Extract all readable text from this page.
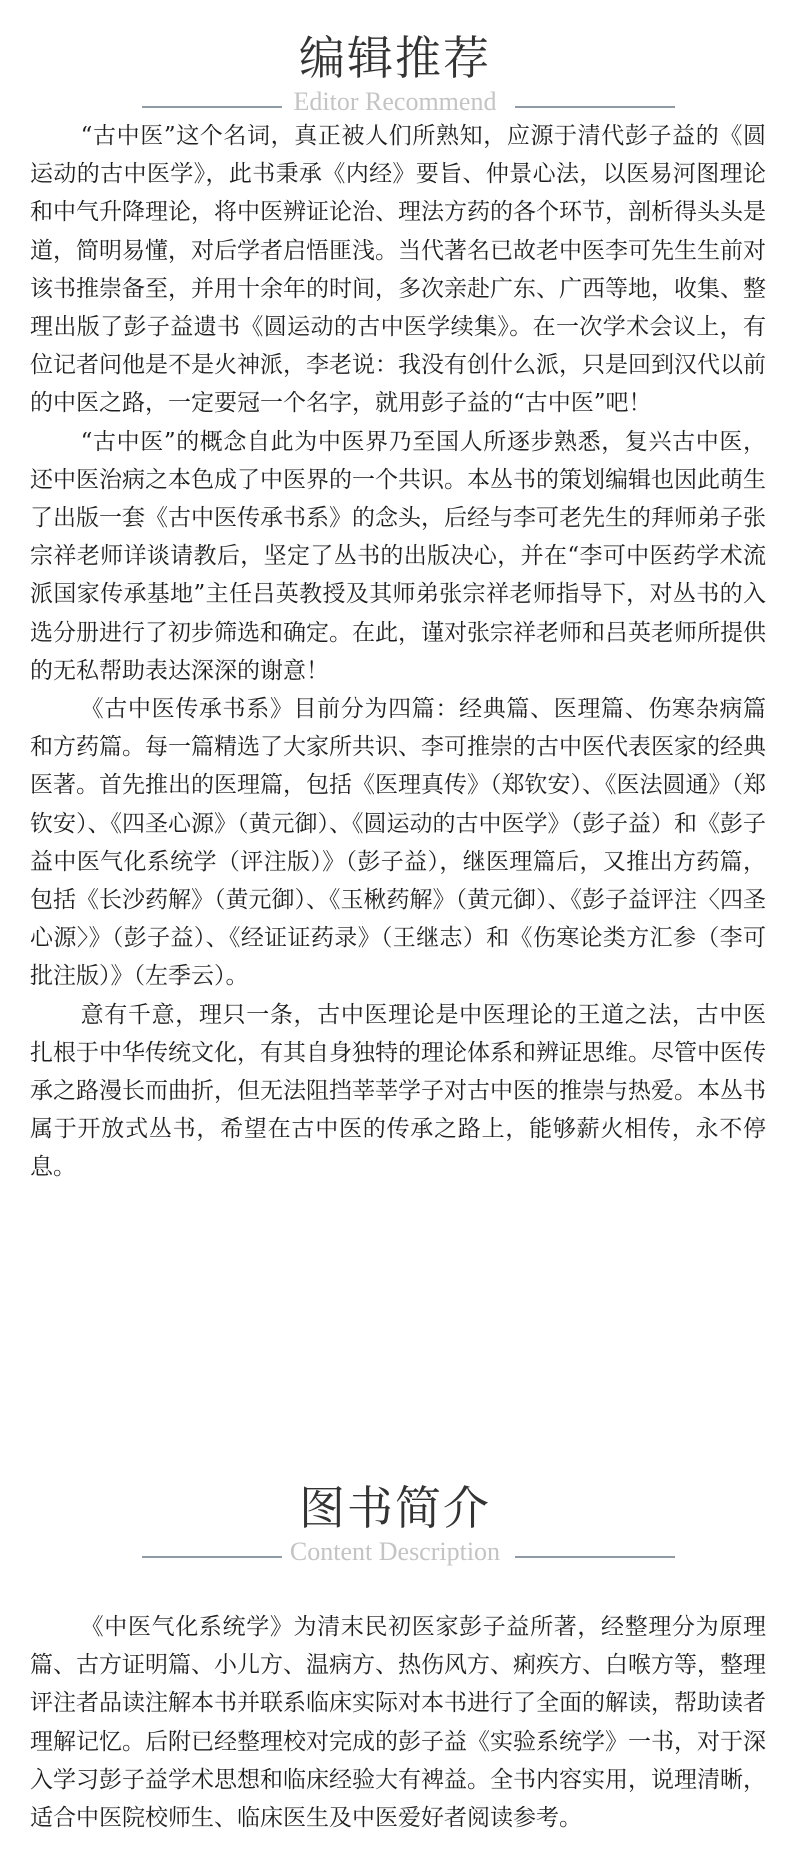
编辑推荐
Editor Recommend

“古中医”这个名词，真正被人们所熟知，应源于清代彭子益的《圆运动的古中医学》，此书秉承《内经》要旨、仲景心法，以医易河图理论和中气升降理论，将中医辨证论治、理法方药的各个环节，剖析得头头是道，简明易懂，对后学者启悟匪浅。当代著名已故老中医李可先生生前对该书推崇备至，并用十余年的时间，多次亲赴广东、广西等地，收集、整理出版了彭子益遗书《圆运动的古中医学续集》。在一次学术会议上，有位记者问他是不是火神派，李老说：我没有创什么派，只是回到汉代以前的中医之路，一定要冠一个名字，就用彭子益的“古中医”吧！

“古中医”的概念自此为中医界乃至国人所逐步熟悉，复兴古中医，还中医治病之本色成了中医界的一个共识。本丛书的策划编辑也因此萌生了出版一套《古中医传承书系》的念头，后经与李可老先生的拜师弟子张宗祥老师详谈请教后，坚定了丛书的出版决心，并在“李可中医药学术流派国家传承基地”主任吕英教授及其师弟张宗祥老师指导下，对丛书的入选分册进行了初步筛选和确定。在此，谨对张宗祥老师和吕英老师所提供的无私帮助表达深深的谢意！

《古中医传承书系》目前分为四篇：经典篇、医理篇、伤寒杂病篇和方药篇。每一篇精选了大家所共识、李可推崇的古中医代表医家的经典医著。首先推出的医理篇，包括《医理真传》（郑钦安）、《医法圆通》（郑钦安）、《四圣心源》（黄元御）、《圆运动的古中医学》（彭子益）和《彭子益中医气化系统学（评注版）》（彭子益），继医理篇后，又推出方药篇，包括《长沙药解》（黄元御）、《玉楸药解》（黄元御）、《彭子益评注〈四圣心源〉》（彭子益）、《经证证药录》（王继志）和《伤寒论类方汇参（李可批注版）》（左季云）。

意有千意，理只一条，古中医理论是中医理论的王道之法，古中医扎根于中华传统文化，有其自身独特的理论体系和辨证思维。尽管中医传承之路漫长而曲折，但无法阻挡莘莘学子对古中医的推崇与热爱。本丛书属于开放式丛书，希望在古中医的传承之路上，能够薪火相传，永不停息。

图书简介
Content Description

《中医气化系统学》为清末民初医家彭子益所著，经整理分为原理篇、古方证明篇、小儿方、温病方、热伤风方、痢疾方、白喉方等，整理评注者品读注解本书并联系临床实际对本书进行了全面的解读，帮助读者理解记忆。后附已经整理校对完成的彭子益《实验系统学》一书，对于深入学习彭子益学术思想和临床经验大有裨益。全书内容实用，说理清晰，适合中医院校师生、临床医生及中医爱好者阅读参考。
